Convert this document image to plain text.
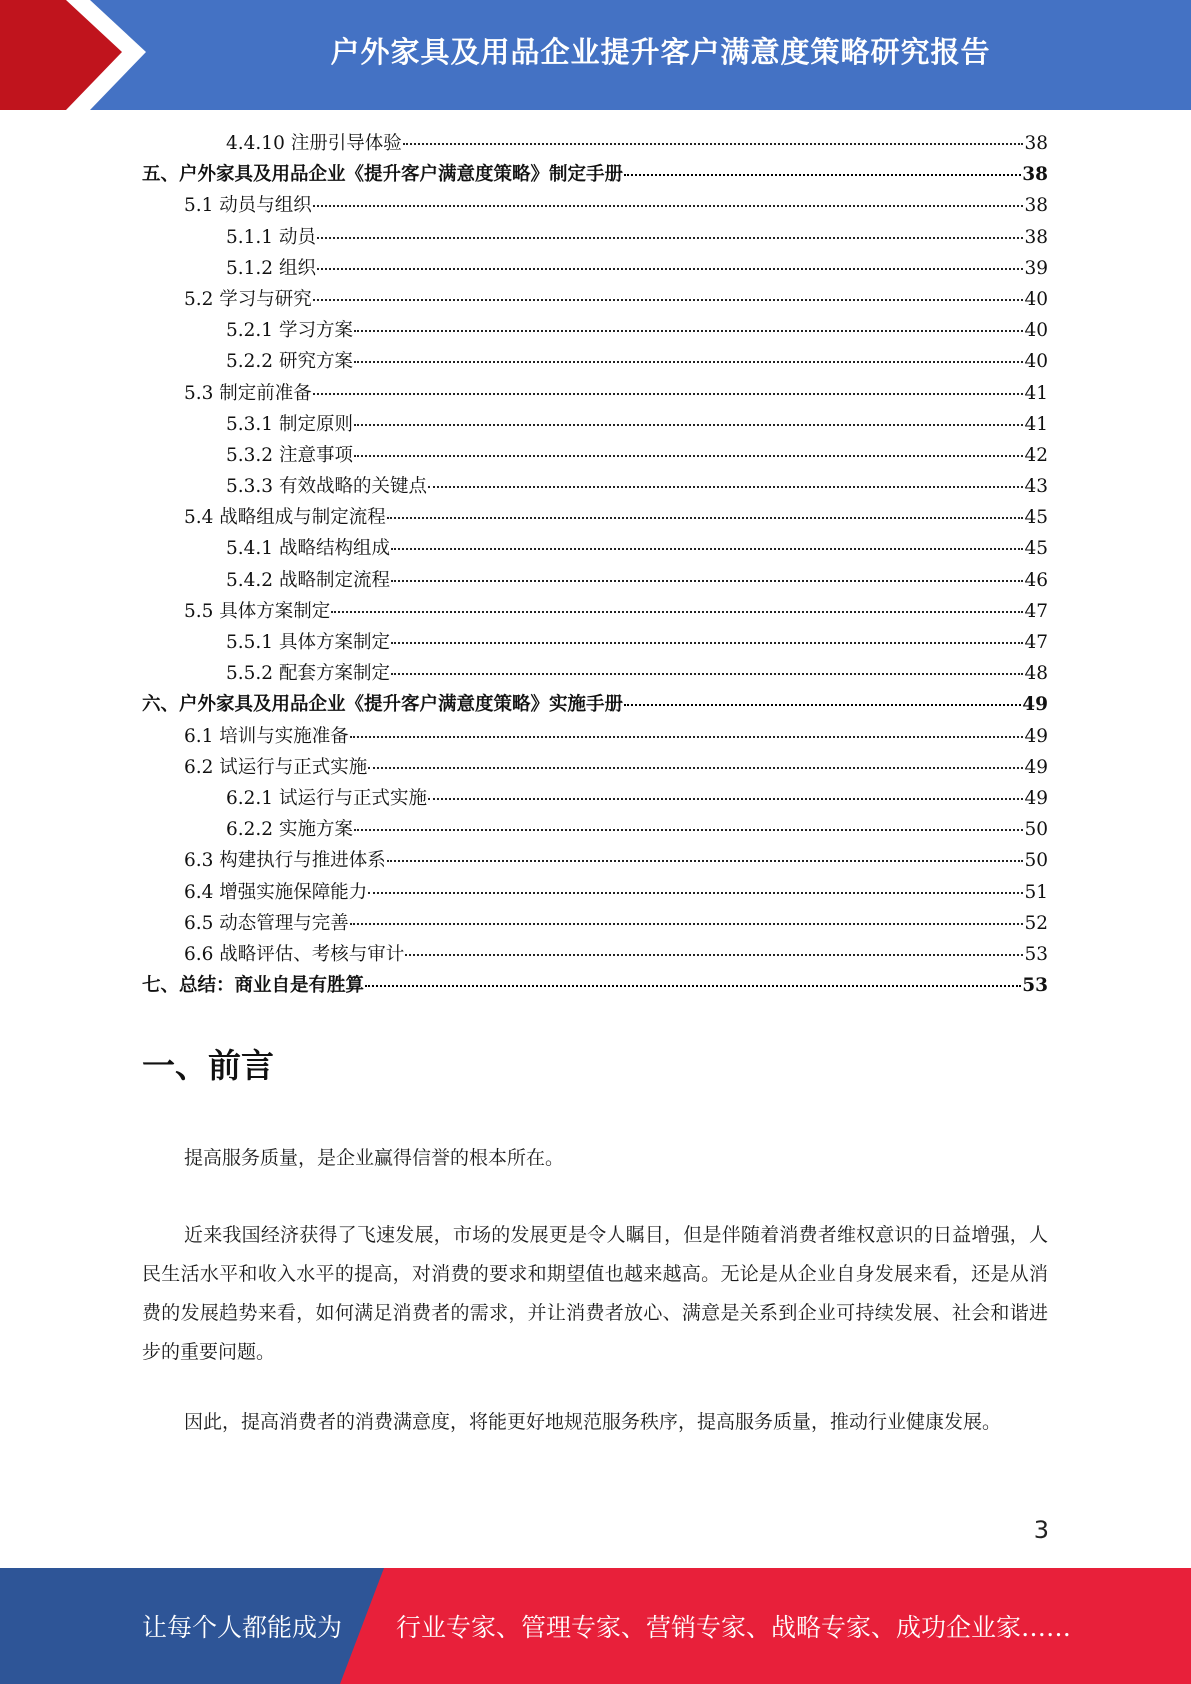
户外家具及用品企业提升客户满意度策略研究报告
4.4.10 注册引导体验	38
五、户外家具及用品企业《提升客户满意度策略》制定手册	38
5.1 动员与组织	38
5.1.1 动员	38
5.1.2 组织	39
5.2 学习与研究	40
5.2.1 学习方案	40
5.2.2 研究方案	40
5.3 制定前准备	41
5.3.1 制定原则	41
5.3.2 注意事项	42
5.3.3 有效战略的关键点	43
5.4 战略组成与制定流程	45
5.4.1 战略结构组成	45
5.4.2 战略制定流程	46
5.5 具体方案制定	47
5.5.1 具体方案制定	47
5.5.2 配套方案制定	48
六、户外家具及用品企业《提升客户满意度策略》实施手册	49
6.1 培训与实施准备	49
6.2 试运行与正式实施	49
6.2.1 试运行与正式实施	49
6.2.2 实施方案	50
6.3 构建执行与推进体系	50
6.4 增强实施保障能力	51
6.5 动态管理与完善	52
6.6 战略评估、考核与审计	53
七、总结：商业自是有胜算	53
一、前言

提高服务质量，是企业赢得信誉的根本所在。

近来我国经济获得了飞速发展，市场的发展更是令人瞩目，但是伴随着消费者维权意识的日益增强，人民生活水平和收入水平的提高，对消费的要求和期望值也越来越高。无论是从企业自身发展来看，还是从消费的发展趋势来看，如何满足消费者的需求，并让消费者放心、满意是关系到企业可持续发展、社会和谐进步的重要问题。

因此，提高消费者的消费满意度，将能更好地规范服务秩序，提高服务质量，推动行业健康发展。

3
让每个人都能成为 行业专家、管理专家、营销专家、战略专家、成功企业家……
